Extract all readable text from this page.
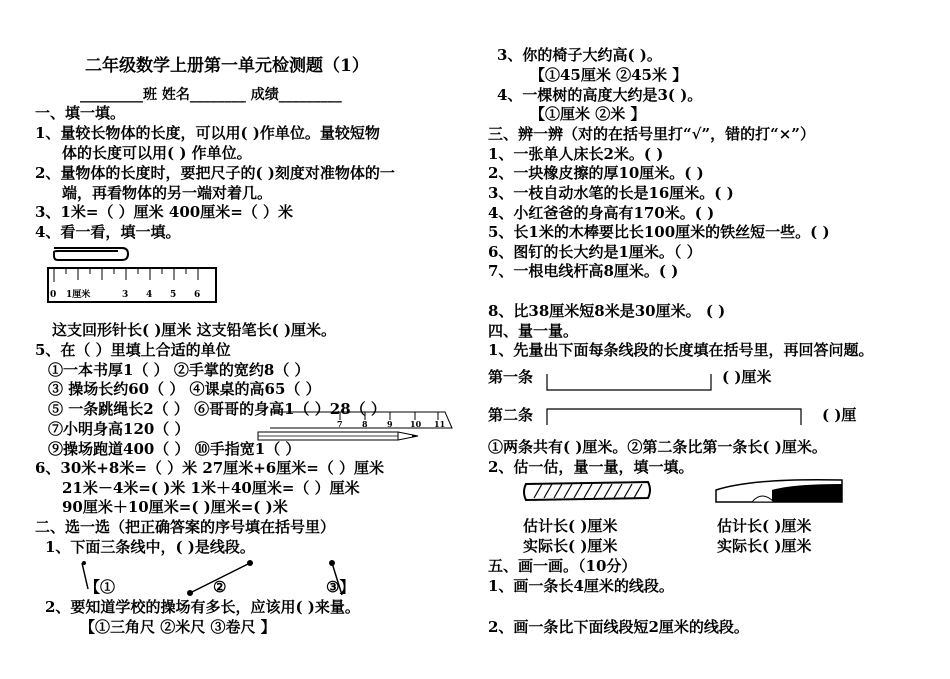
二年级数学上册第一单元检测题（1）
_________班 姓名________ 成绩_________
一、填一填。
1、量较长物体的长度，可以用( )作单位。量较短物
体的长度可以用( ) 作单位。
2、量物体的长度时，要把尺子的( )刻度对准物体的一
端，再看物体的另一端对着几。
3、1米=（ ）厘米 400厘米=（ ）米
4、看一看，填一填。
0 1厘米	3 4 5 6
这支回形针长( )厘米 这支铅笔长( )厘米。
5、在（ ）里填上合适的单位
①一本书厚1（ ） ②手掌的宽约8（ ）
③ 操场长约60（ ） ④课桌的高65（ ）
⑤ 一条跳绳长2（ ） ⑥哥哥的身高1（ ）28（ ）
⑦小明身高120（ ）
⑨操场跑道400（ ） ⑩手指宽1（ ）
7 8 9 10 11
6、30米+8米=（ ）米 27厘米+6厘米=（ ）厘米
21米－4米=( )米 1米＋40厘米=（ ）厘米
90厘米＋10厘米=( )厘米=( )米
二、选一选（把正确答案的序号填在括号里）
1、下面三条线中，( )是线段。
【①	②	③】
2、要知道学校的操场有多长，应该用( )来量。
【①三角尺 ②米尺 ③卷尺 】
3、你的椅子大约高( )。
【①45厘米 ②45米 】
4、一棵树的高度大约是3( )。
【①厘米 ②米 】
三、辨一辨（对的在括号里打“√”，错的打“×”）
1、一张单人床长2米。( )
2、一块橡皮擦的厚10厘米。( )
3、一枝自动水笔的长是16厘米。( )
4、小红爸爸的身高有170米。( )
5、长1米的木棒要比长100厘米的铁丝短一些。( )
6、图钉的长大约是1厘米。（ ）
7、一根电线杆高8厘米。( )
8、比38厘米短8米是30厘米。 ( )
四、量一量。
1、先量出下面每条线段的长度填在括号里，再回答问题。
第一条	( )厘米
第二条	( )厘
①两条共有( )厘米。②第二条比第一条长( )厘米。
2、估一估，量一量，填一填。
估计长( )厘米
实际长( )厘米
估计长( )厘米
实际长( )厘米
五、画一画。（10分）
1、画一条长4厘米的线段。
2、画一条比下面线段短2厘米的线段。
